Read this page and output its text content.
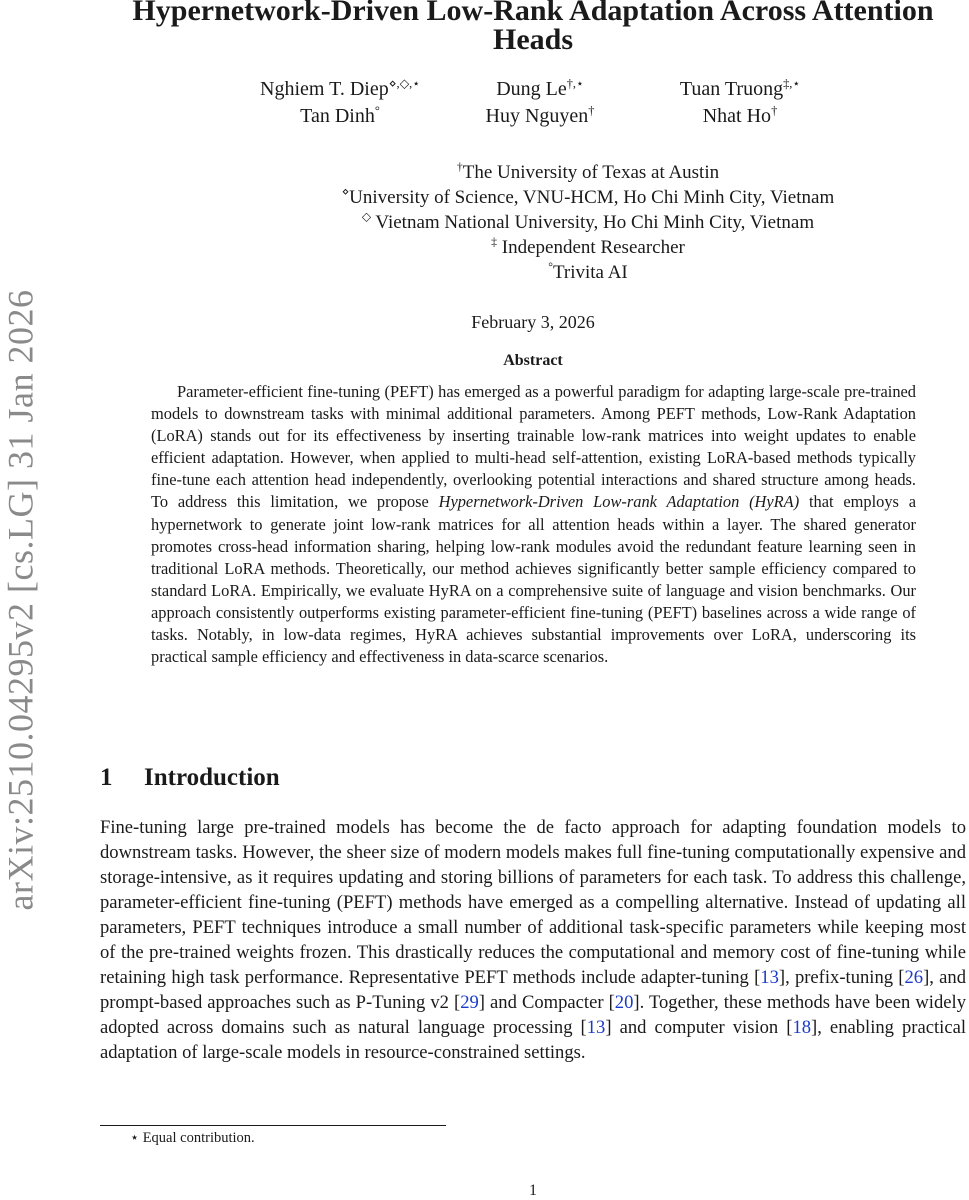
arXiv:2510.04295v2 [cs.LG] 31 Jan 2026
Hypernetwork-Driven Low-Rank Adaptation Across Attention Heads
Nghiem T. Diep⋄,◇,⋆	Dung Le†,⋆	Tuan Truong‡,⋆
Tan Dinh°	Huy Nguyen†	Nhat Ho†
†The University of Texas at Austin
⋄University of Science, VNU-HCM, Ho Chi Minh City, Vietnam
◇ Vietnam National University, Ho Chi Minh City, Vietnam
‡ Independent Researcher
°Trivita AI
February 3, 2026
Abstract

Parameter-efficient fine-tuning (PEFT) has emerged as a powerful paradigm for adapting large-scale pre-trained models to downstream tasks with minimal additional parameters. Among PEFT methods, Low-Rank Adaptation (LoRA) stands out for its effectiveness by inserting trainable low-rank matrices into weight updates to enable efficient adaptation. However, when applied to multi-head self-attention, existing LoRA-based methods typically fine-tune each attention head independently, overlooking potential interactions and shared structure among heads. To address this limitation, we propose Hypernetwork-Driven Low-rank Adaptation (HyRA) that employs a hypernetwork to generate joint low-rank matrices for all attention heads within a layer. The shared generator promotes cross-head information sharing, helping low-rank modules avoid the redundant feature learning seen in traditional LoRA methods. Theoretically, our method achieves significantly better sample efficiency compared to standard LoRA. Empirically, we evaluate HyRA on a comprehensive suite of language and vision benchmarks. Our approach consistently outperforms existing parameter-efficient fine-tuning (PEFT) baselines across a wide range of tasks. Notably, in low-data regimes, HyRA achieves substantial improvements over LoRA, underscoring its practical sample efficiency and effectiveness in data-scarce scenarios.

1 Introduction

Fine-tuning large pre-trained models has become the de facto approach for adapting foundation models to downstream tasks. However, the sheer size of modern models makes full fine-tuning computationally expensive and storage-intensive, as it requires updating and storing billions of parameters for each task. To address this challenge, parameter-efficient fine-tuning (PEFT) methods have emerged as a compelling alternative. Instead of updating all parameters, PEFT techniques introduce a small number of additional task-specific parameters while keeping most of the pre-trained weights frozen. This drastically reduces the computational and memory cost of fine-tuning while retaining high task performance. Representative PEFT methods include adapter-tuning [13], prefix-tuning [26], and prompt-based approaches such as P-Tuning v2 [29] and Compacter [20]. Together, these methods have been widely adopted across domains such as natural language processing [13] and computer vision [18], enabling practical adaptation of large-scale models in resource-constrained settings.

⋆ Equal contribution.

1
